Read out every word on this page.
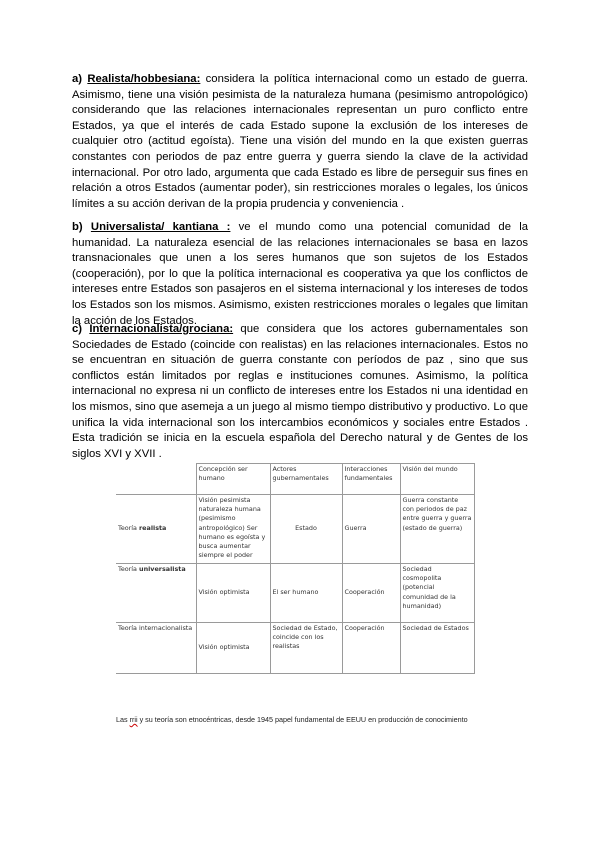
a) Realista/hobbesiana: considera la política internacional como un estado de guerra. Asimismo, tiene una visión pesimista de la naturaleza humana (pesimismo antropológico) considerando que las relaciones internacionales representan un puro conflicto entre Estados, ya que el interés de cada Estado supone la exclusión de los intereses de cualquier otro (actitud egoísta). Tiene una visión del mundo en la que existen guerras constantes con periodos de paz entre guerra y guerra siendo la clave de la actividad internacional. Por otro lado, argumenta que cada Estado es libre de perseguir sus fines en relación a otros Estados (aumentar poder), sin restricciones morales o legales, los únicos límites a su acción derivan de la propia prudencia y conveniencia .

b) Universalista/ kantiana : ve el mundo como una potencial comunidad de la humanidad. La naturaleza esencial de las relaciones internacionales se basa en lazos transnacionales que unen a los seres humanos que son sujetos de los Estados (cooperación), por lo que la política internacional es cooperativa ya que los conflictos de intereses entre Estados son pasajeros en el sistema internacional y los intereses de todos los Estados son los mismos. Asimismo, existen restricciones morales o legales que limitan la acción de los Estados.

c) Internacionalista/grociana: que considera que los actores gubernamentales son Sociedades de Estado (coincide con realistas) en las relaciones internacionales. Estos no se encuentran en situación de guerra constante con períodos de paz , sino que sus conflictos están limitados por reglas e instituciones comunes. Asimismo, la política internacional no expresa ni un conflicto de intereses entre los Estados ni una identidad en los mismos, sino que asemeja a un juego al mismo tiempo distributivo y productivo. Lo que unifica la vida internacional son los intercambios económicos y sociales entre Estados . Esta tradición se inicia en la escuela española del Derecho natural y de Gentes de los siglos XVI y XVII .

	Concepción ser humano	Actores gubernamentales	Interacciones fundamentales	Visión del mundo
Teoría realista	Visión pesimista naturaleza humana (pesimismo antropológico) Ser humano es egoísta y busca aumentar siempre el poder	Estado	Guerra	Guerra constante con periodos de paz entre guerra y guerra (estado de guerra)
Teoría universalista	Visión optimista	El ser humano	Cooperación	Sociedad cosmopolita (potencial comunidad de la humanidad)
Teoría internacionalista	Visión optimista	Sociedad de Estado, coincide con los realistas	Cooperación	Sociedad de Estados

Las rrii y su teoría son etnocéntricas, desde 1945 papel fundamental de EEUU en producción de conocimiento
